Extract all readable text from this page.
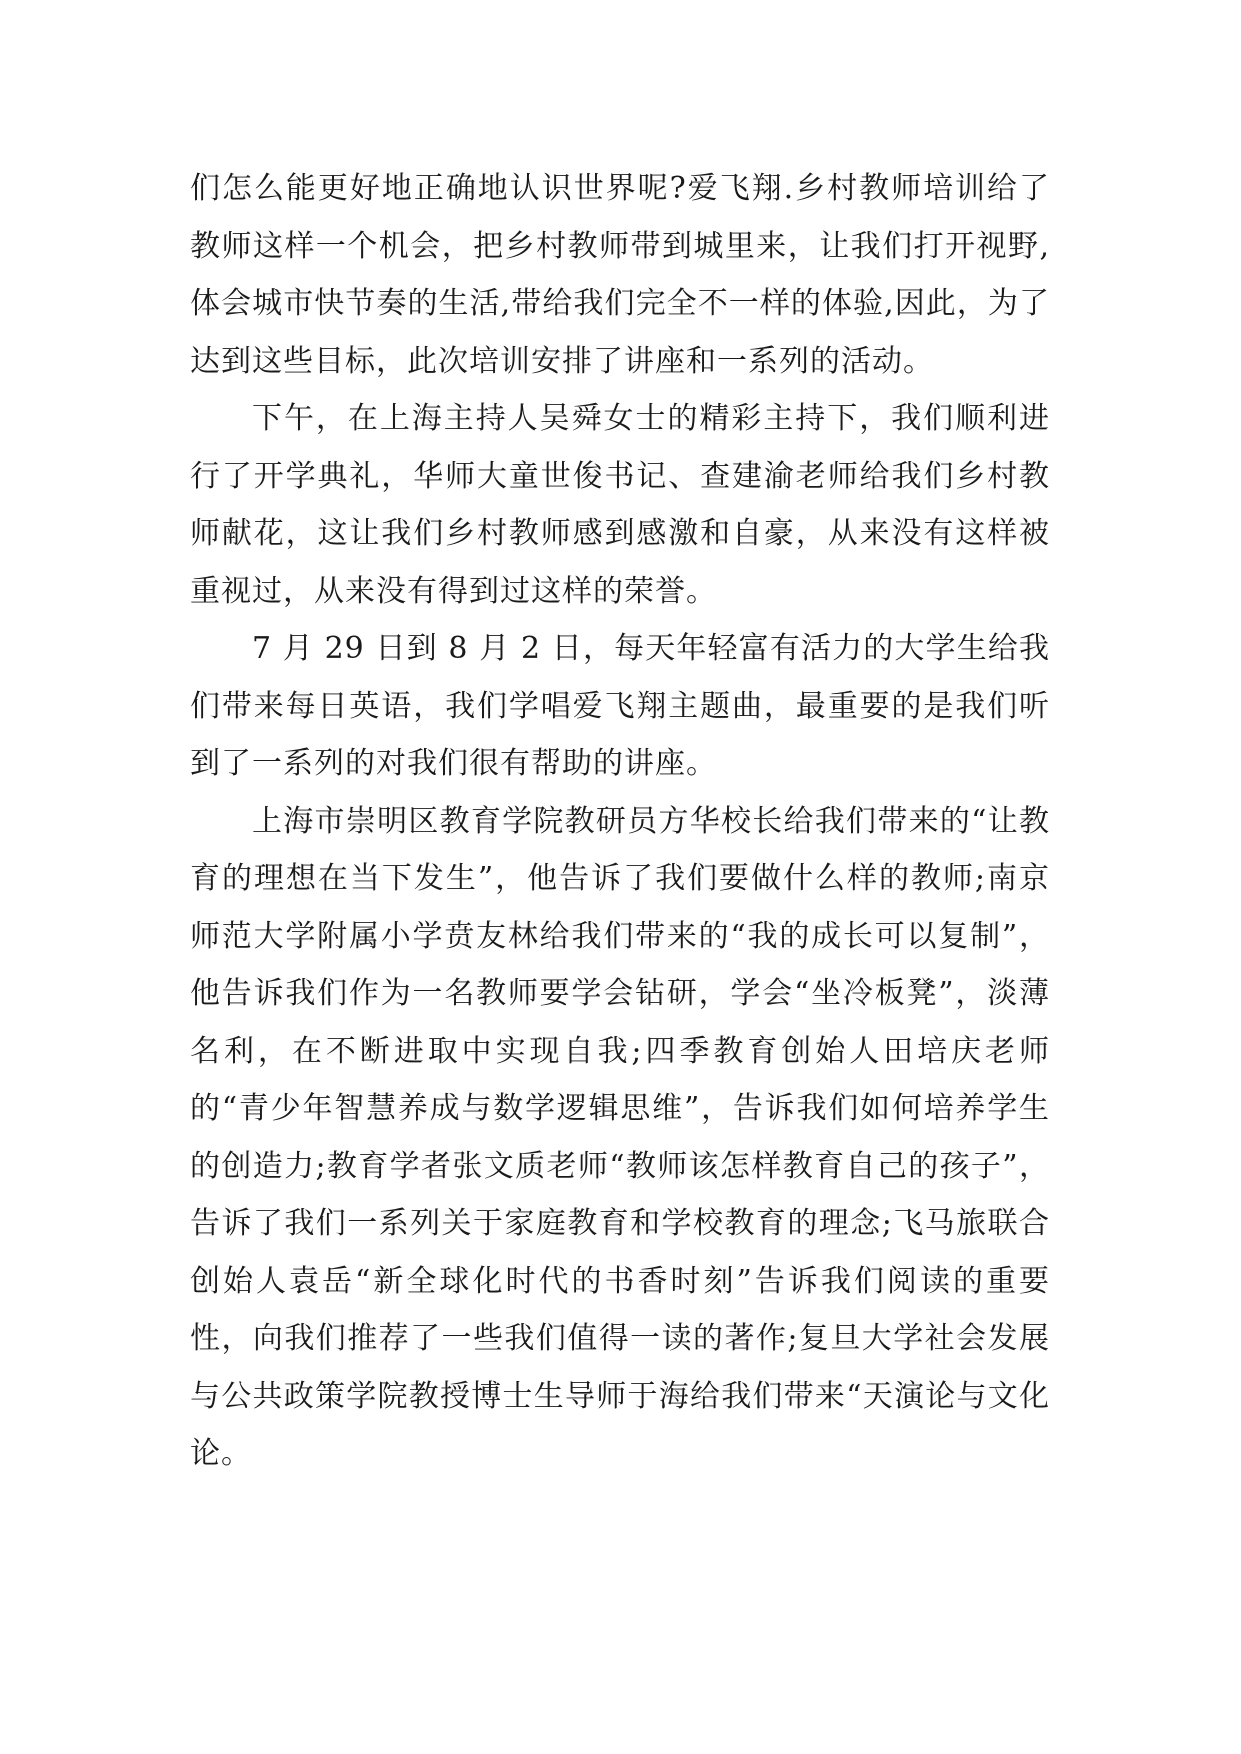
们怎么能更好地正确地认识世界呢?爱飞翔.乡村教师培训给了教师这样一个机会，把乡村教师带到城里来，让我们打开视野,体会城市快节奏的生活,带给我们完全不一样的体验,因此，为了达到这些目标，此次培训安排了讲座和一系列的活动。

下午，在上海主持人吴舜女士的精彩主持下，我们顺利进行了开学典礼，华师大童世俊书记、查建渝老师给我们乡村教师献花，这让我们乡村教师感到感激和自豪，从来没有这样被重视过，从来没有得到过这样的荣誉。

7 月 29 日到 8 月 2 日，每天年轻富有活力的大学生给我们带来每日英语，我们学唱爱飞翔主题曲，最重要的是我们听到了一系列的对我们很有帮助的讲座。

上海市崇明区教育学院教研员方华校长给我们带来的“让教育的理想在当下发生”，他告诉了我们要做什么样的教师;南京师范大学附属小学贲友林给我们带来的“我的成长可以复制”，他告诉我们作为一名教师要学会钻研，学会“坐冷板凳”，淡薄名利，在不断进取中实现自我;四季教育创始人田培庆老师的“青少年智慧养成与数学逻辑思维”，告诉我们如何培养学生的创造力;教育学者张文质老师“教师该怎样教育自己的孩子”，告诉了我们一系列关于家庭教育和学校教育的理念;飞马旅联合创始人袁岳“新全球化时代的书香时刻”告诉我们阅读的重要性，向我们推荐了一些我们值得一读的著作;复旦大学社会发展与公共政策学院教授博士生导师于海给我们带来“天演论与文化论。
